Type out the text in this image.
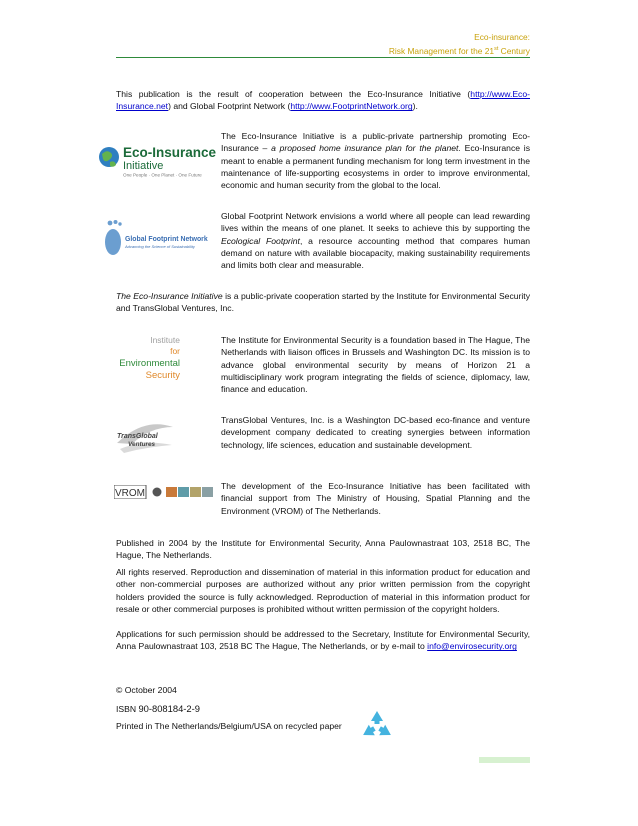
Eco-insurance:
Risk Management for the 21st Century

This publication is the result of cooperation between the Eco-Insurance Initiative (http://www.Eco-Insurance.net) and Global Footprint Network (http://www.FootprintNetwork.org).

Eco-Insurance
Initiative
One People · One Planet · One Future

The Eco-Insurance Initiative is a public-private partnership promoting Eco-Insurance – a proposed home insurance plan for the planet. Eco-Insurance is meant to enable a permanent funding mechanism for long term investment in the maintenance of life-supporting ecosystems in order to improve environmental, economic and human security from the global to the local.

Global Footprint Network
Advancing the Science of Sustainability

Global Footprint Network envisions a world where all people can lead rewarding lives within the means of one planet. It seeks to achieve this by supporting the Ecological Footprint, a resource accounting method that compares human demand on nature with available biocapacity, making sustainability requirements and limits both clear and measurable.

The Eco-Insurance Initiative is a public-private cooperation started by the Institute for Environmental Security and TransGlobal Ventures, Inc.

Institute
for
Environmental
Security

The Institute for Environmental Security is a foundation based in The Hague, The Netherlands with liaison offices in Brussels and Washington DC. Its mission is to advance global environmental security by means of Horizon 21 a multidisciplinary work program integrating the fields of science, diplomacy, law, finance and education.

TransGlobal
Ventures

TransGlobal Ventures, Inc. is a Washington DC-based eco-finance and venture development company dedicated to creating synergies between information technology, life sciences, education and sustainable development.

VROM

The development of the Eco-Insurance Initiative has been facilitated with financial support from The Ministry of Housing, Spatial Planning and the Environment (VROM) of The Netherlands.

Published in 2004 by the Institute for Environmental Security, Anna Paulownastraat 103, 2518 BC, The Hague, The Netherlands.

All rights reserved. Reproduction and dissemination of material in this information product for education and other non-commercial purposes are authorized without any prior written permission from the copyright holders provided the source is fully acknowledged. Reproduction of material in this information product for resale or other commercial purposes is prohibited without written permission of the copyright holders.

Applications for such permission should be addressed to the Secretary, Institute for Environmental Security, Anna Paulownastraat 103, 2518 BC The Hague, The Netherlands, or by e-mail to info@envirosecurity.org

© October 2004

ISBN 90-808184-2-9

Printed in The Netherlands/Belgium/USA on recycled paper
